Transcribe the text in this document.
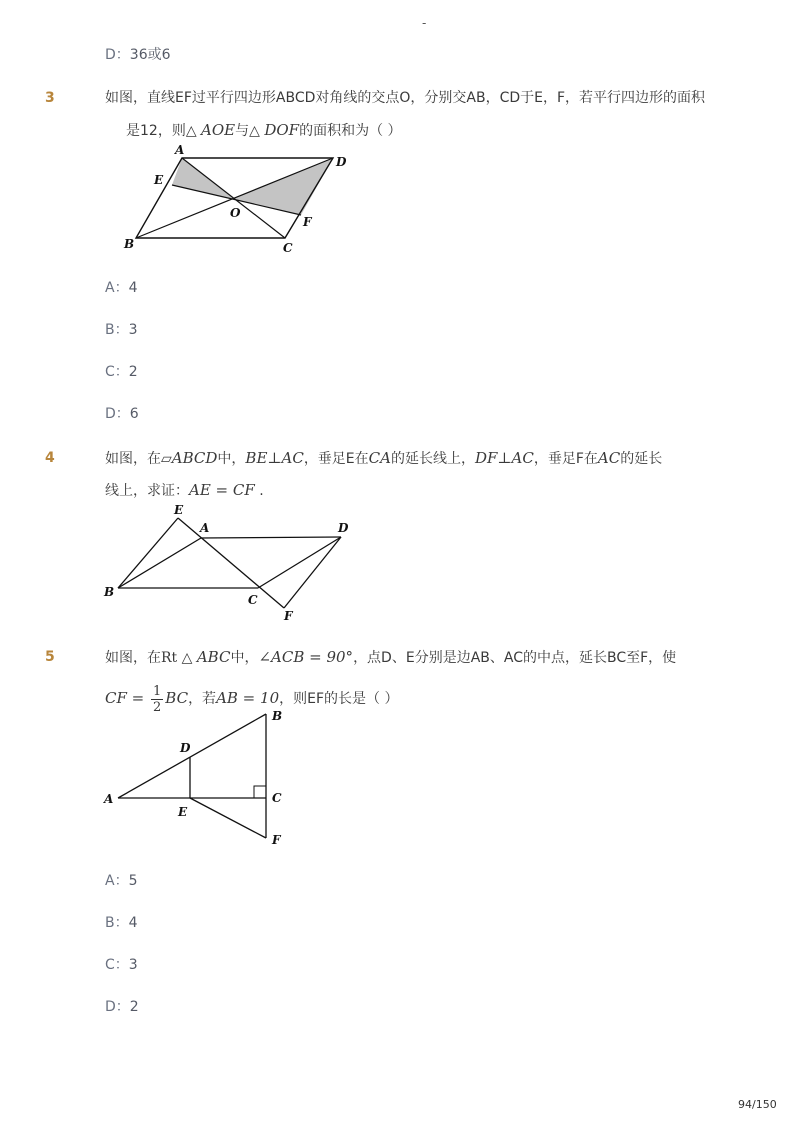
-
D：36或6
3	如图，直线EF过平行四边形ABCD对角线的交点O，分别交AB，CD于E，F，若平行四边形的面积
是12，则△ AOE与△ DOF的面积和为（ ）
A
D
E
O
F
B	C
A：4
B：3
C：2
D：6
4	如图，在▱ABCD中，BE⊥AC，垂足E在CA的延长线上，DF⊥AC，垂足F在AC的延长
线上，求证：AE = CF .
E
A	D
B
C
F
5	如图，在Rt △ ABC中，∠ACB = 90°，点D、E分别是边AB、AC的中点，延长BC至F，使
CF = $\frac{1}{2}$ BC，若AB = 10，则EF的长是（ ）
B
D
A	C
E
F
A：5
B：4
C：3
D：2
94/150
